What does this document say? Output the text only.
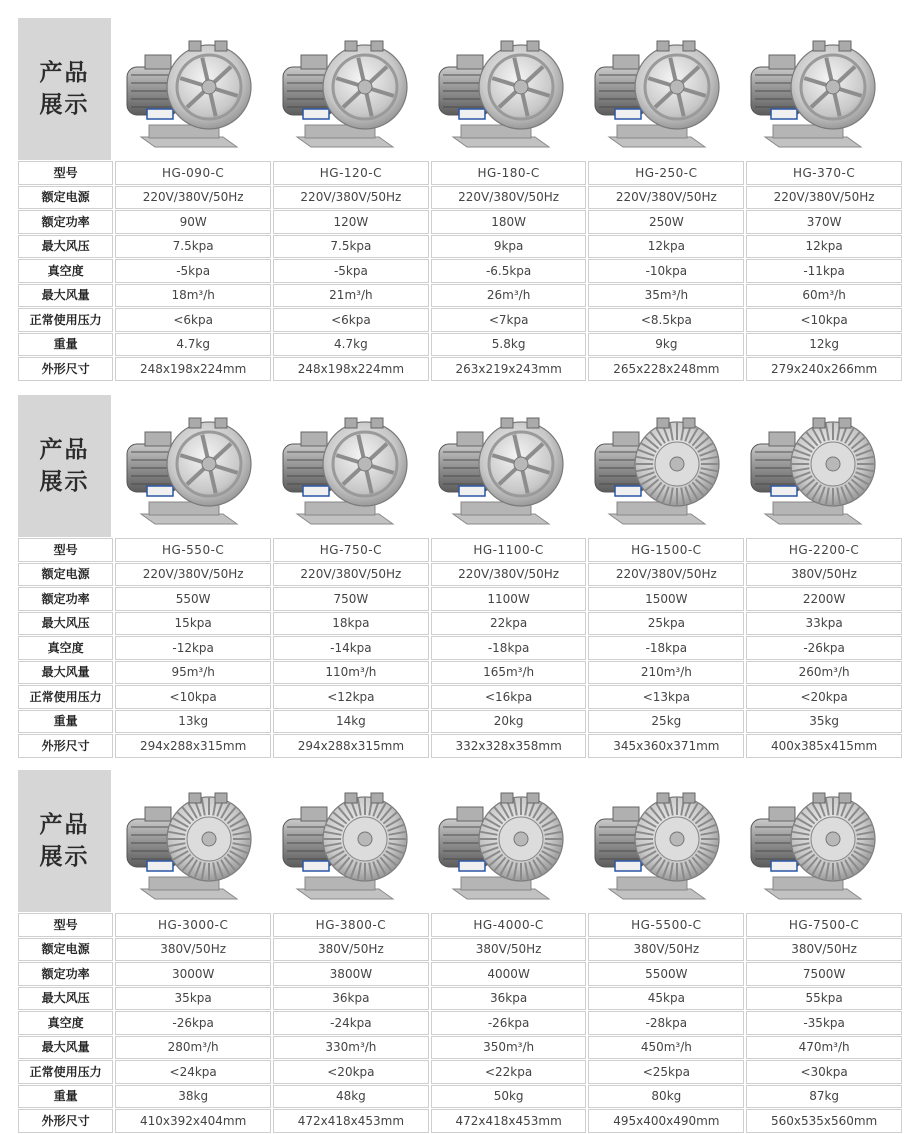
产品
展示
型号	HG-090-C	HG-120-C	HG-180-C	HG-250-C	HG-370-C
额定电源	220V/380V/50Hz	220V/380V/50Hz	220V/380V/50Hz	220V/380V/50Hz	220V/380V/50Hz
额定功率	90W	120W	180W	250W	370W
最大风压	7.5kpa	7.5kpa	9kpa	12kpa	12kpa
真空度	-5kpa	-5kpa	-6.5kpa	-10kpa	-11kpa
最大风量	18m³/h	21m³/h	26m³/h	35m³/h	60m³/h
正常使用压力	<6kpa	<6kpa	<7kpa	<8.5kpa	<10kpa
重量	4.7kg	4.7kg	5.8kg	9kg	12kg
外形尺寸	248x198x224mm	248x198x224mm	263x219x243mm	265x228x248mm	279x240x266mm
产品
展示
型号	HG-550-C	HG-750-C	HG-1100-C	HG-1500-C	HG-2200-C
额定电源	220V/380V/50Hz	220V/380V/50Hz	220V/380V/50Hz	220V/380V/50Hz	380V/50Hz
额定功率	550W	750W	1100W	1500W	2200W
最大风压	15kpa	18kpa	22kpa	25kpa	33kpa
真空度	-12kpa	-14kpa	-18kpa	-18kpa	-26kpa
最大风量	95m³/h	110m³/h	165m³/h	210m³/h	260m³/h
正常使用压力	<10kpa	<12kpa	<16kpa	<13kpa	<20kpa
重量	13kg	14kg	20kg	25kg	35kg
外形尺寸	294x288x315mm	294x288x315mm	332x328x358mm	345x360x371mm	400x385x415mm
产品
展示
型号	HG-3000-C	HG-3800-C	HG-4000-C	HG-5500-C	HG-7500-C
额定电源	380V/50Hz	380V/50Hz	380V/50Hz	380V/50Hz	380V/50Hz
额定功率	3000W	3800W	4000W	5500W	7500W
最大风压	35kpa	36kpa	36kpa	45kpa	55kpa
真空度	-26kpa	-24kpa	-26kpa	-28kpa	-35kpa
最大风量	280m³/h	330m³/h	350m³/h	450m³/h	470m³/h
正常使用压力	<24kpa	<20kpa	<22kpa	<25kpa	<30kpa
重量	38kg	48kg	50kg	80kg	87kg
外形尺寸	410x392x404mm	472x418x453mm	472x418x453mm	495x400x490mm	560x535x560mm
